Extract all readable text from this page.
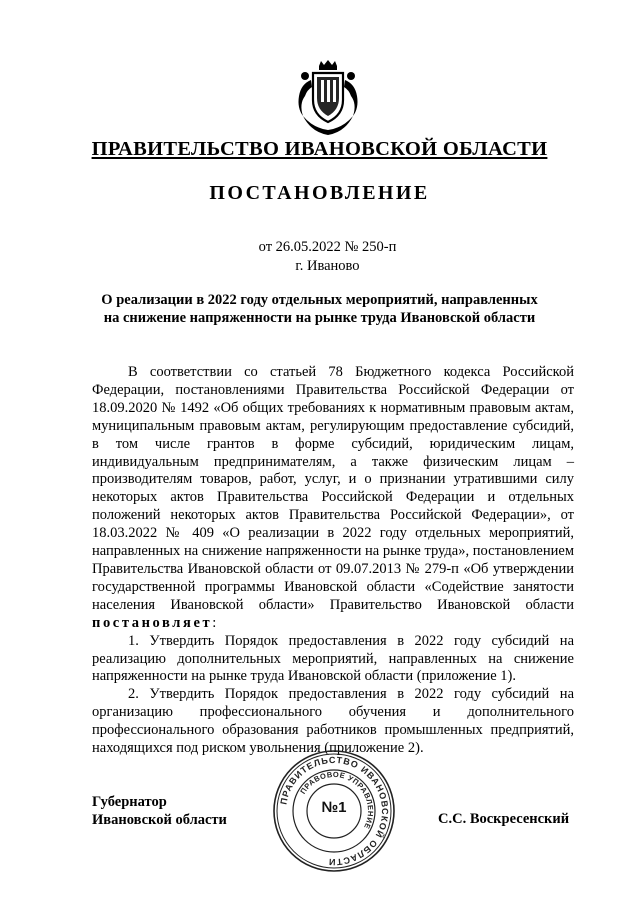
ПРАВИТЕЛЬСТВО ИВАНОВСКОЙ ОБЛАСТИ
ПОСТАНОВЛЕНИЕ
от 26.05.2022 № 250-п
г. Иваново
О реализации в 2022 году отдельных мероприятий, направленных
на снижение напряженности на рынке труда Ивановской области

В соответствии со статьей 78 Бюджетного кодекса Российской Федерации, постановлениями Правительства Российской Федерации от 18.09.2020 № 1492 «Об общих требованиях к нормативным правовым актам, муниципальным правовым актам, регулирующим предоставление субсидий, в том числе грантов в форме субсидий, юридическим лицам, индивидуальным предпринимателям, а также физическим лицам – производителям товаров, работ, услуг, и о признании утратившими силу некоторых актов Правительства Российской Федерации и отдельных положений некоторых актов Правительства Российской Федерации», от 18.03.2022 № 409 «О реализации в 2022 году отдельных мероприятий, направленных на снижение напряженности на рынке труда», постановлением Правительства Ивановской области от 09.07.2013 № 279-п «Об утверждении государственной программы Ивановской области «Содействие занятости населения Ивановской области» Правительство Ивановской области постановляет:

1. Утвердить Порядок предоставления в 2022 году субсидий на реализацию дополнительных мероприятий, направленных на снижение напряженности на рынке труда Ивановской области (приложение 1).

2. Утвердить Порядок предоставления в 2022 году субсидий на организацию профессионального обучения и дополнительного профессионального образования работников промышленных предприятий, находящихся под риском увольнения (приложение 2).

Губернатор
Ивановской области
ПРАВИТЕЛЬСТВО ИВАНОВСКОЙ ОБЛАСТИ
ПРАВОВОЕ УПРАВЛЕНИЕ
№1
С.С. Воскресенский
